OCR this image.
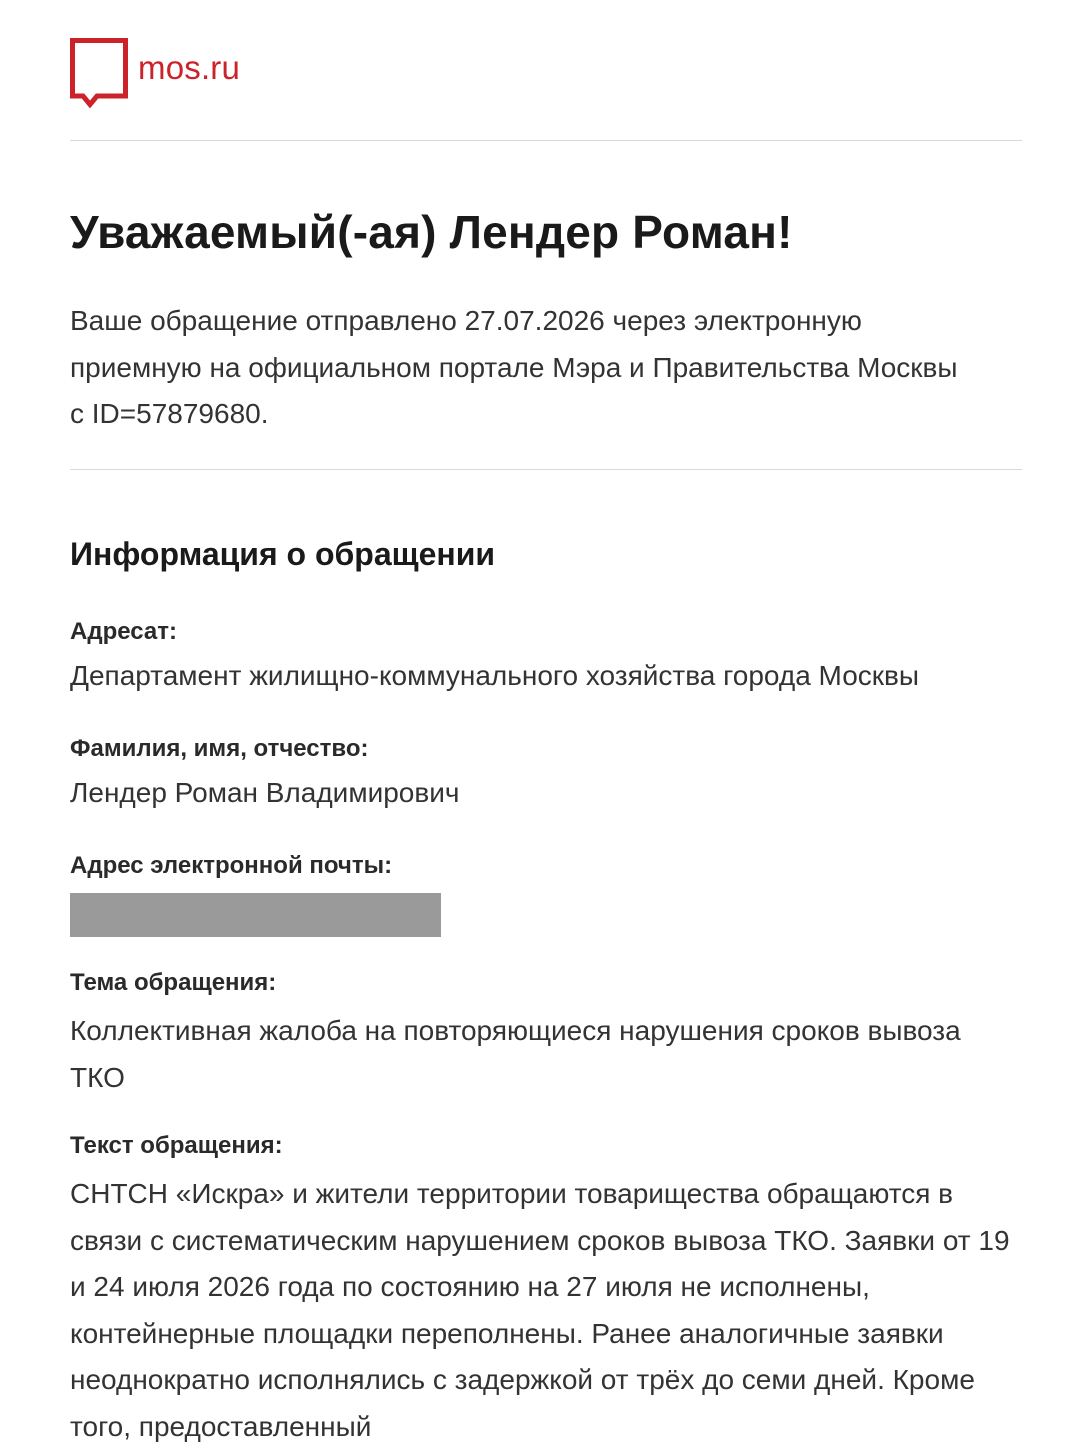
mos.ru
Уважаемый(-ая) Лендер Роман!

Ваше обращение отправлено 27.07.2026 через электронную приемную на официальном портале Мэра и Правительства Москвы с ID=57879680.

Информация о обращении
Адресат:
Департамент жилищно-коммунального хозяйства города Москвы
Фамилия, имя, отчество:
Лендер Роман Владимирович
Адрес электронной почты:
Тема обращения:
Коллективная жалоба на повторяющиеся нарушения сроков вывоза ТКО
Текст обращения:
СНТСН «Искра» и жители территории товарищества обращаются в связи с систематическим нарушением сроков вывоза ТКО. Заявки от 19 и 24 июля 2026 года по состоянию на 27 июля не исполнены, контейнерные площадки переполнены. Ранее аналогичные заявки неоднократно исполнялись с задержкой от трёх до семи дней. Кроме того, предоставленный
